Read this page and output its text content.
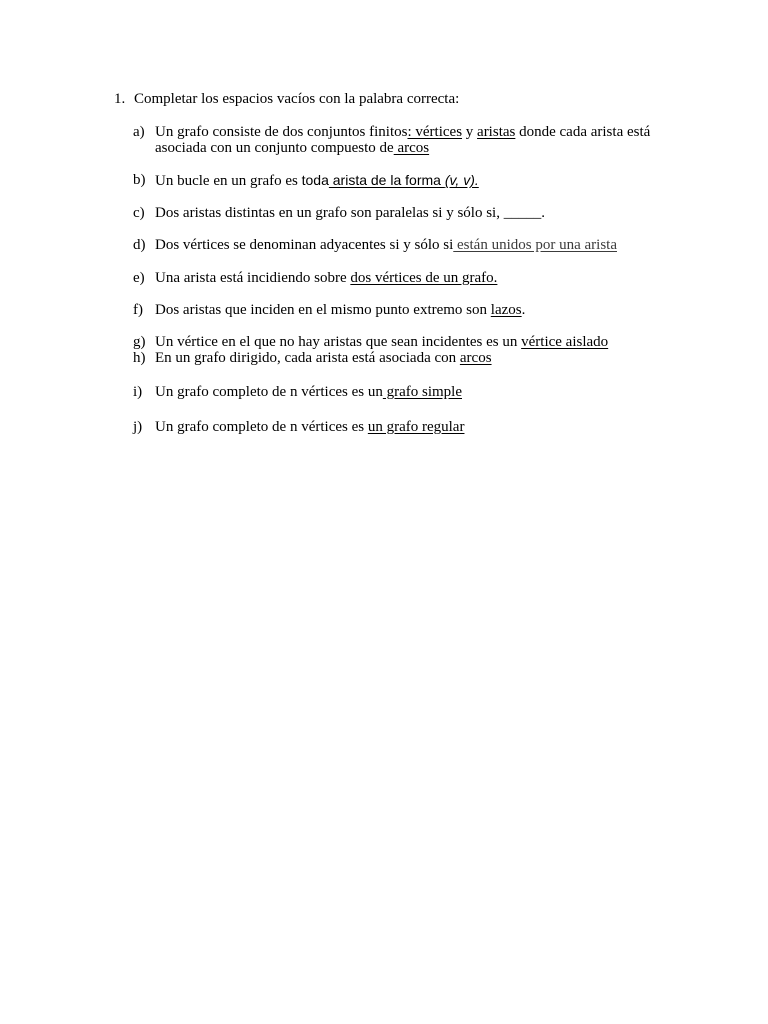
1. Completar los espacios vacíos con la palabra correcta:
a) Un grafo consiste de dos conjuntos finitos: vértices y aristas donde cada arista está
asociada con un conjunto compuesto de arcos
b) Un bucle en un grafo es toda arista de la forma (v, v).
c) Dos aristas distintas en un grafo son paralelas si y sólo si, _____.
d) Dos vértices se denominan adyacentes si y sólo si están unidos por una arista
e) Una arista está incidiendo sobre dos vértices de un grafo.
f) Dos aristas que inciden en el mismo punto extremo son lazos.
g) Un vértice en el que no hay aristas que sean incidentes es un vértice aislado
h) En un grafo dirigido, cada arista está asociada con arcos
i) Un grafo completo de n vértices es un grafo simple
j) Un grafo completo de n vértices es un grafo regular
